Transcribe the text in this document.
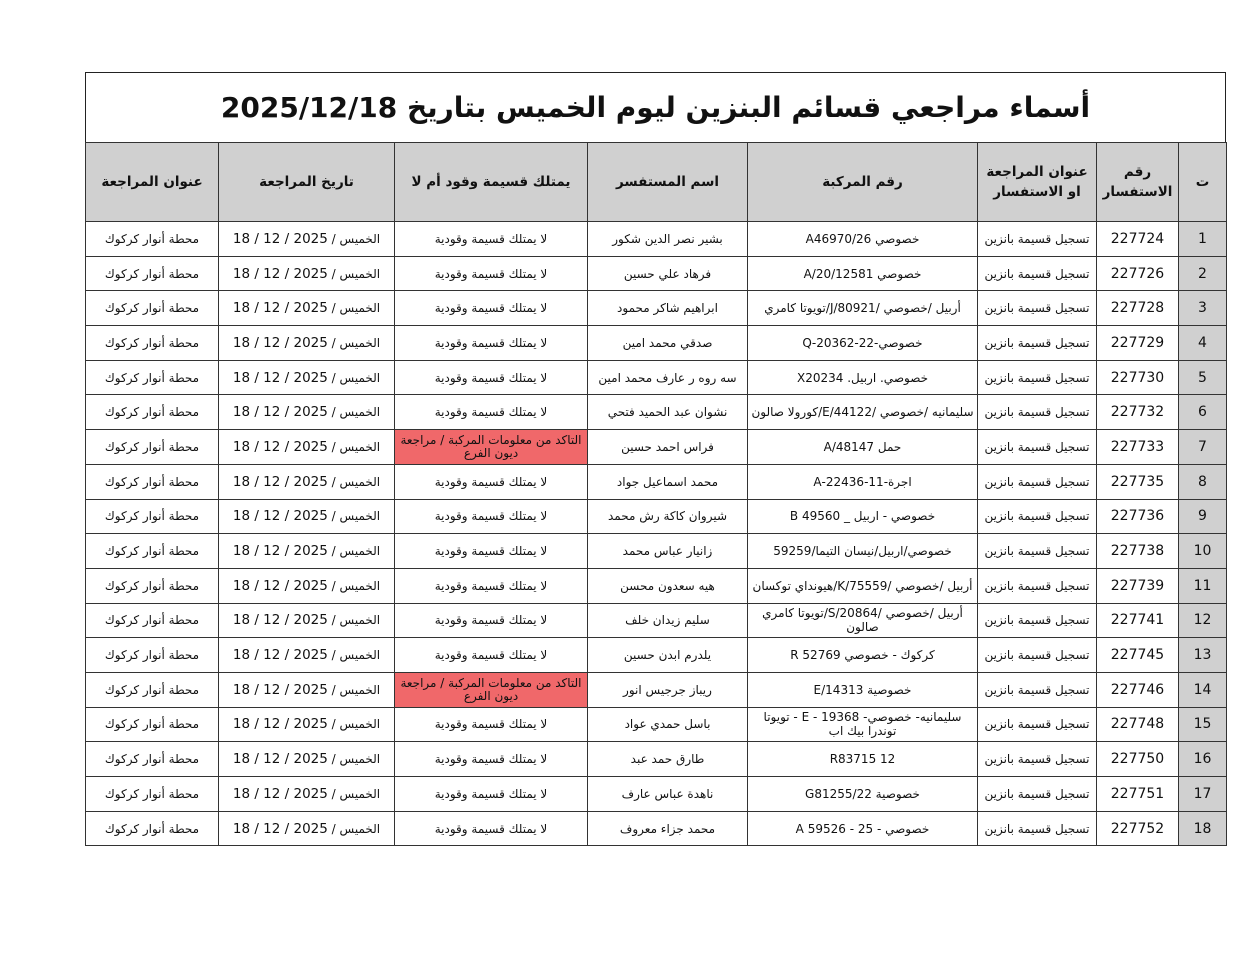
أسماء مراجعي قسائم البنزين ليوم الخميس بتاريخ 2025/12/18
ت	رقم الاستفسار	عنوان المراجعة او الاستفسار	رقم المركبة	اسم المستفسر	يمتلك قسيمة وقود أم لا	تاريخ المراجعة	عنوان المراجعة
1	227724	تسجيل قسيمة بانزين	خصوصي A46970/26	بشير نصر الدين شكور	لا يمتلك قسيمة وقودية	الخميس / 18 / 12 / 2025	محطة أنوار كركوك
2	227726	تسجيل قسيمة بانزين	خصوصي 12581/A/20	فرهاد علي حسين	لا يمتلك قسيمة وقودية	الخميس / 18 / 12 / 2025	محطة أنوار كركوك
3	227728	تسجيل قسيمة بانزين	أربيل /خصوصي /J/80921/تويوتا كامري	ابراهيم شاكر محمود	لا يمتلك قسيمة وقودية	الخميس / 18 / 12 / 2025	محطة أنوار كركوك
4	227729	تسجيل قسيمة بانزين	خصوصي-22-20362-Q	صدقي محمد امين	لا يمتلك قسيمة وقودية	الخميس / 18 / 12 / 2025	محطة أنوار كركوك
5	227730	تسجيل قسيمة بانزين	خصوصي. اربيل. X20234	سه روه ر عارف محمد امين	لا يمتلك قسيمة وقودية	الخميس / 18 / 12 / 2025	محطة أنوار كركوك
6	227732	تسجيل قسيمة بانزين	سليمانيه /خصوصي /E/44122/كورولا صالون	نشوان عبد الحميد فتحي	لا يمتلك قسيمة وقودية	الخميس / 18 / 12 / 2025	محطة أنوار كركوك
7	227733	تسجيل قسيمة بانزين	حمل A/48147	فراس احمد حسين	التاكد من معلومات المركبة / مراجعة ديون الفرع	الخميس / 18 / 12 / 2025	محطة أنوار كركوك
8	227735	تسجيل قسيمة بانزين	اجرة-11-22436-A	محمد اسماعيل جواد	لا يمتلك قسيمة وقودية	الخميس / 18 / 12 / 2025	محطة أنوار كركوك
9	227736	تسجيل قسيمة بانزين	خصوصي - اربيل _ B 49560	شيروان كاكة رش محمد	لا يمتلك قسيمة وقودية	الخميس / 18 / 12 / 2025	محطة أنوار كركوك
10	227738	تسجيل قسيمة بانزين	خصوصي/اربيل/نيسان التيما/59259	زانيار عباس محمد	لا يمتلك قسيمة وقودية	الخميس / 18 / 12 / 2025	محطة أنوار كركوك
11	227739	تسجيل قسيمة بانزين	أربيل /خصوصي /K/75559/هيونداي توكسان	هيه سعدون محسن	لا يمتلك قسيمة وقودية	الخميس / 18 / 12 / 2025	محطة أنوار كركوك
12	227741	تسجيل قسيمة بانزين	أربيل /خصوصي /S/20864/تويوتا كامري صالون	سليم زيدان خلف	لا يمتلك قسيمة وقودية	الخميس / 18 / 12 / 2025	محطة أنوار كركوك
13	227745	تسجيل قسيمة بانزين	كركوك - خصوصي R 52769	يلدرم ابدن حسين	لا يمتلك قسيمة وقودية	الخميس / 18 / 12 / 2025	محطة أنوار كركوك
14	227746	تسجيل قسيمة بانزين	خصوصية E/14313	ريباز جرجيس انور	التاكد من معلومات المركبة / مراجعة ديون الفرع	الخميس / 18 / 12 / 2025	محطة أنوار كركوك
15	227748	تسجيل قسيمة بانزين	سليمانيه- خصوصي- 19368 - E - تويوتا توندرا بيك اب	باسل حمدي عواد	لا يمتلك قسيمة وقودية	الخميس / 18 / 12 / 2025	محطة أنوار كركوك
16	227750	تسجيل قسيمة بانزين	R83715 12	طارق حمد عبد	لا يمتلك قسيمة وقودية	الخميس / 18 / 12 / 2025	محطة أنوار كركوك
17	227751	تسجيل قسيمة بانزين	خصوصية G81255/22	ناهدة عباس عارف	لا يمتلك قسيمة وقودية	الخميس / 18 / 12 / 2025	محطة أنوار كركوك
18	227752	تسجيل قسيمة بانزين	خصوصي - 25 - A 59526	محمد جزاء معروف	لا يمتلك قسيمة وقودية	الخميس / 18 / 12 / 2025	محطة أنوار كركوك
